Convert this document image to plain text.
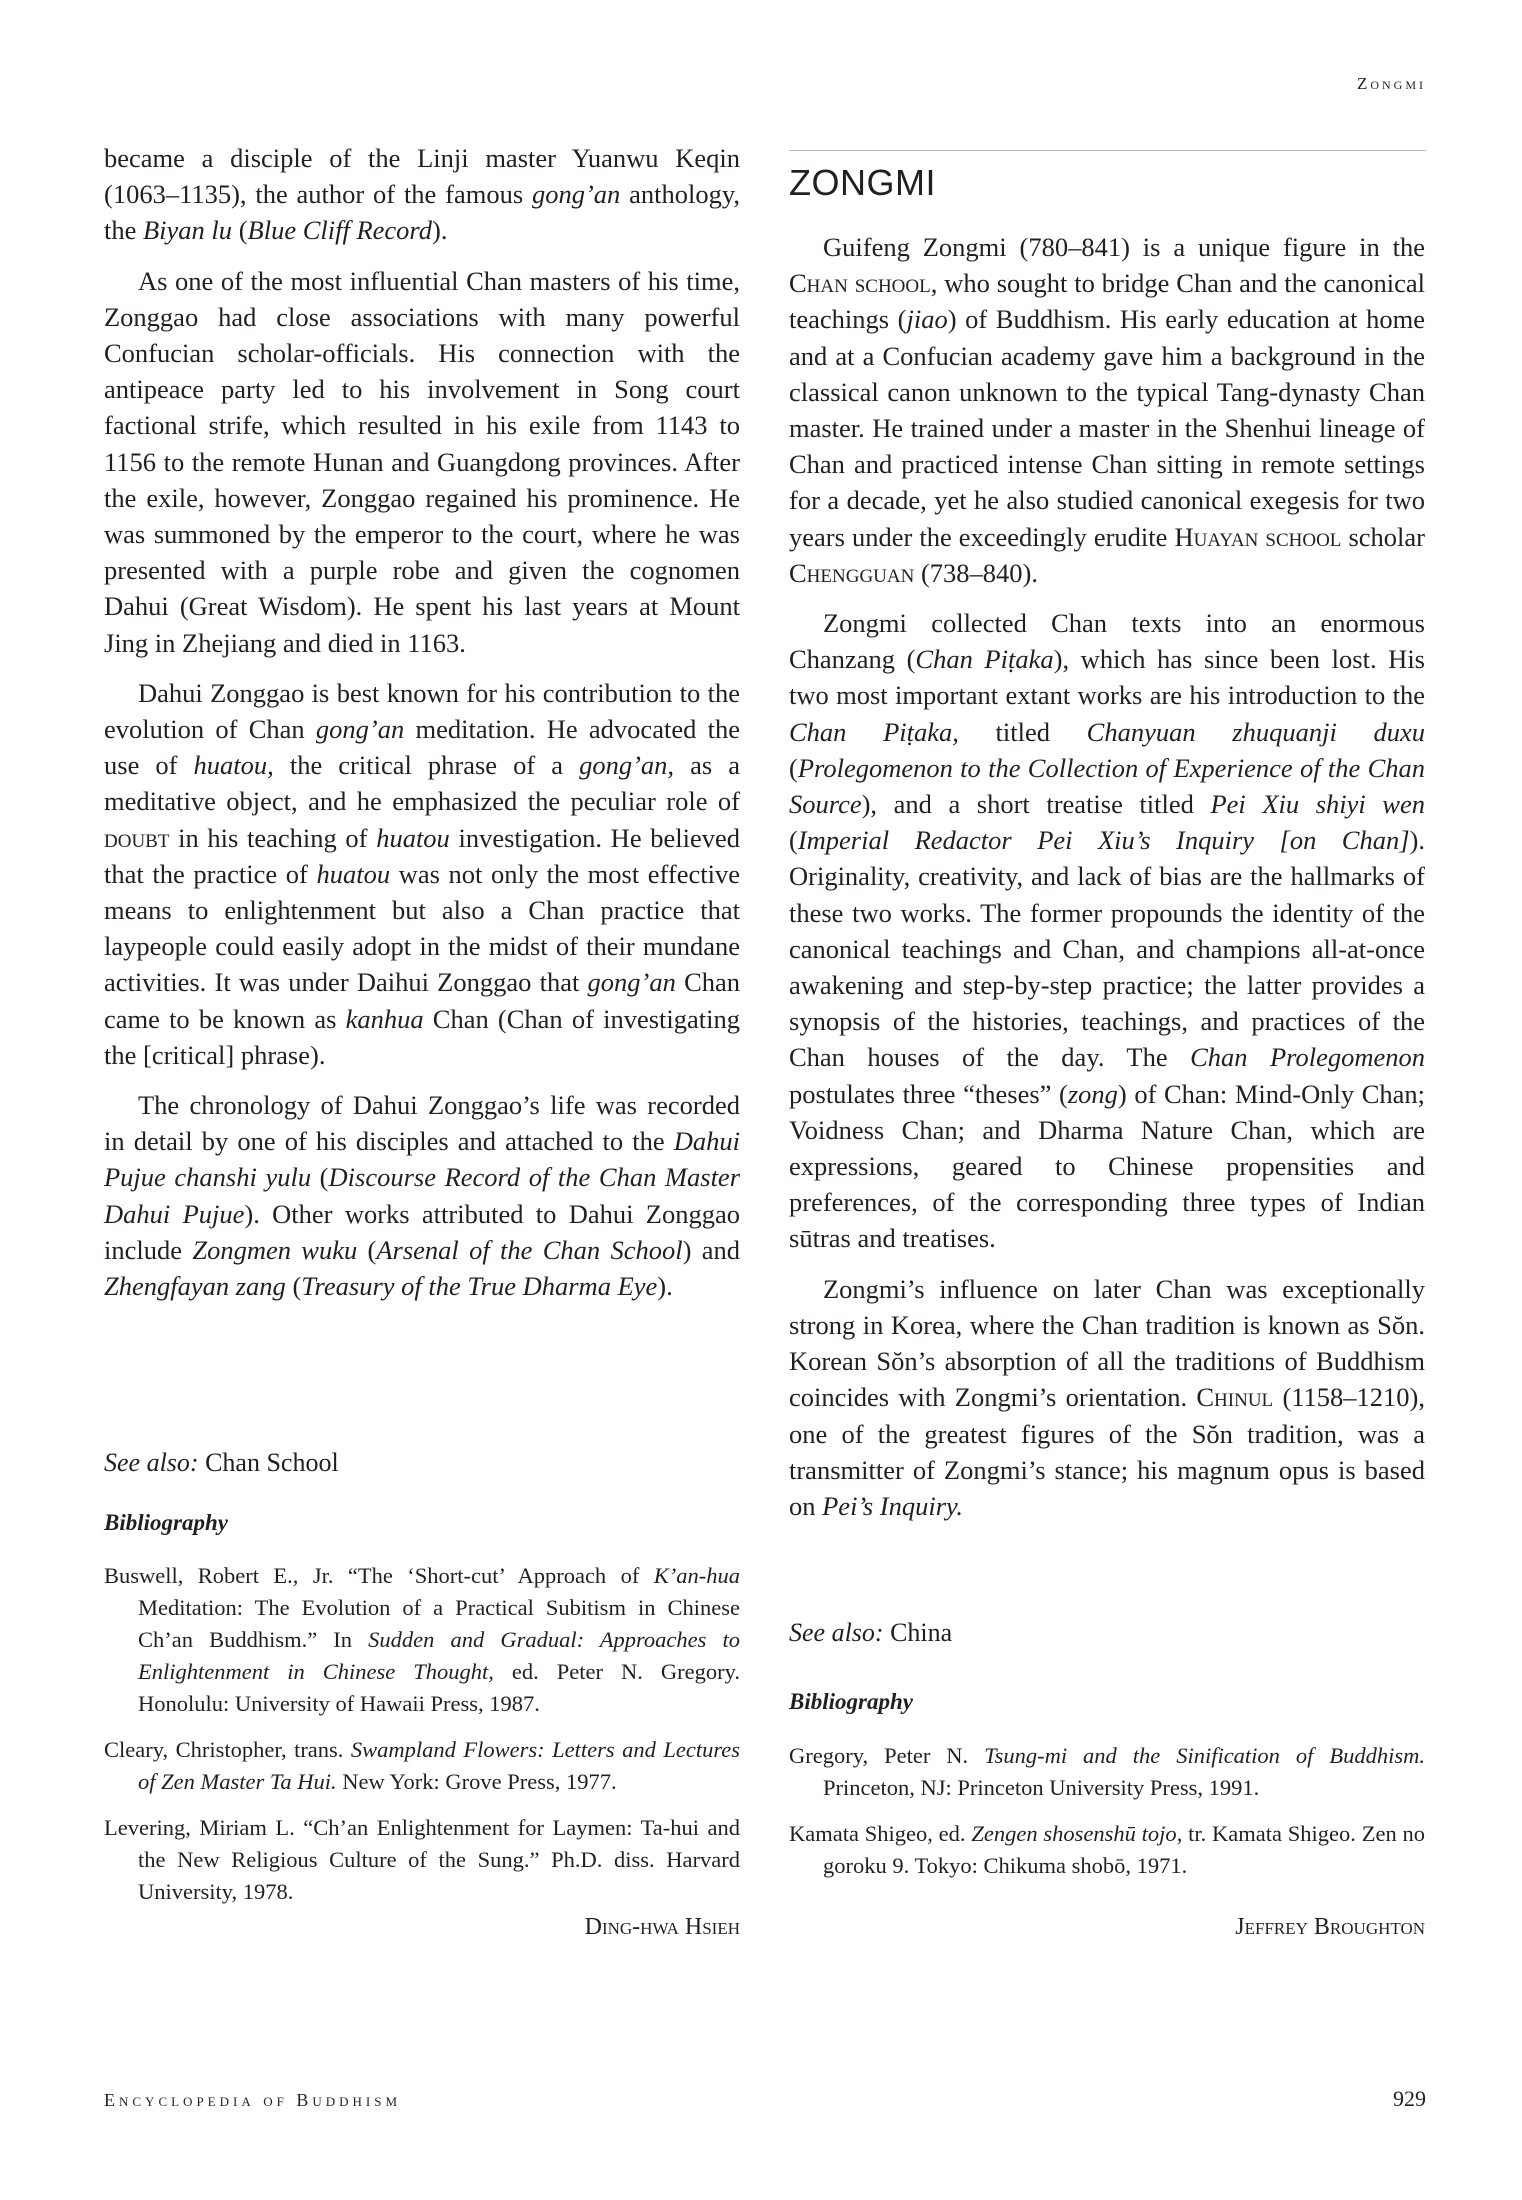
Zongmi

became a disciple of the Linji master Yuanwu Keqin (1063–1135), the author of the famous gong’an anthology, the Biyan lu (Blue Cliff Record).

As one of the most influential Chan masters of his time, Zonggao had close associations with many powerful Confucian scholar-officials. His connection with the antipeace party led to his involvement in Song court factional strife, which resulted in his exile from 1143 to 1156 to the remote Hunan and Guangdong provinces. After the exile, however, Zonggao regained his prominence. He was summoned by the emperor to the court, where he was presented with a purple robe and given the cognomen Dahui (Great Wisdom). He spent his last years at Mount Jing in Zhejiang and died in 1163.

Dahui Zonggao is best known for his contribution to the evolution of Chan gong’an meditation. He advocated the use of huatou, the critical phrase of a gong’an, as a meditative object, and he emphasized the peculiar role of doubt in his teaching of huatou investigation. He believed that the practice of huatou was not only the most effective means to enlightenment but also a Chan practice that laypeople could easily adopt in the midst of their mundane activities. It was under Daihui Zonggao that gong’an Chan came to be known as kanhua Chan (Chan of investigating the [critical] phrase).

The chronology of Dahui Zonggao’s life was recorded in detail by one of his disciples and attached to the Dahui Pujue chanshi yulu (Discourse Record of the Chan Master Dahui Pujue). Other works attributed to Dahui Zonggao include Zongmen wuku (Arsenal of the Chan School) and Zhengfayan zang (Treasury of the True Dharma Eye).

See also: Chan School
Bibliography

Buswell, Robert E., Jr. “The ‘Short-cut’ Approach of K’an-hua Meditation: The Evolution of a Practical Subitism in Chinese Ch’an Buddhism.” In Sudden and Gradual: Approaches to Enlightenment in Chinese Thought, ed. Peter N. Gregory. Honolulu: University of Hawaii Press, 1987.

Cleary, Christopher, trans. Swampland Flowers: Letters and Lectures of Zen Master Ta Hui. New York: Grove Press, 1977.

Levering, Miriam L. “Ch’an Enlightenment for Laymen: Ta-hui and the New Religious Culture of the Sung.” Ph.D. diss. Harvard University, 1978.

Ding-hwa Hsieh
ZONGMI

Guifeng Zongmi (780–841) is a unique figure in the Chan school, who sought to bridge Chan and the canonical teachings (jiao) of Buddhism. His early education at home and at a Confucian academy gave him a background in the classical canon unknown to the typical Tang-dynasty Chan master. He trained under a master in the Shenhui lineage of Chan and practiced intense Chan sitting in remote settings for a decade, yet he also studied canonical exegesis for two years under the exceedingly erudite Huayan school scholar Chengguan (738–840).

Zongmi collected Chan texts into an enormous Chanzang (Chan Piṭaka), which has since been lost. His two most important extant works are his introduction to the Chan Piṭaka, titled Chanyuan zhuquanji duxu (Prolegomenon to the Collection of Experience of the Chan Source), and a short treatise titled Pei Xiu shiyi wen (Imperial Redactor Pei Xiu’s Inquiry [on Chan]). Originality, creativity, and lack of bias are the hallmarks of these two works. The former propounds the identity of the canonical teachings and Chan, and champions all-at-once awakening and step-by-step practice; the latter provides a synopsis of the histories, teachings, and practices of the Chan houses of the day. The Chan Prolegomenon postulates three “theses” (zong) of Chan: Mind-Only Chan; Voidness Chan; and Dharma Nature Chan, which are expressions, geared to Chinese propensities and preferences, of the corresponding three types of Indian sūtras and treatises.

Zongmi’s influence on later Chan was exceptionally strong in Korea, where the Chan tradition is known as Sŏn. Korean Sŏn’s absorption of all the traditions of Buddhism coincides with Zongmi’s orientation. Chinul (1158–1210), one of the greatest figures of the Sŏn tradition, was a transmitter of Zongmi’s stance; his magnum opus is based on Pei’s Inquiry.

See also: China
Bibliography

Gregory, Peter N. Tsung-mi and the Sinification of Buddhism. Princeton, NJ: Princeton University Press, 1991.

Kamata Shigeo, ed. Zengen shosenshū tojo, tr. Kamata Shigeo. Zen no goroku 9. Tokyo: Chikuma shobō, 1971.

Jeffrey Broughton
Encyclopedia of Buddhism	929
